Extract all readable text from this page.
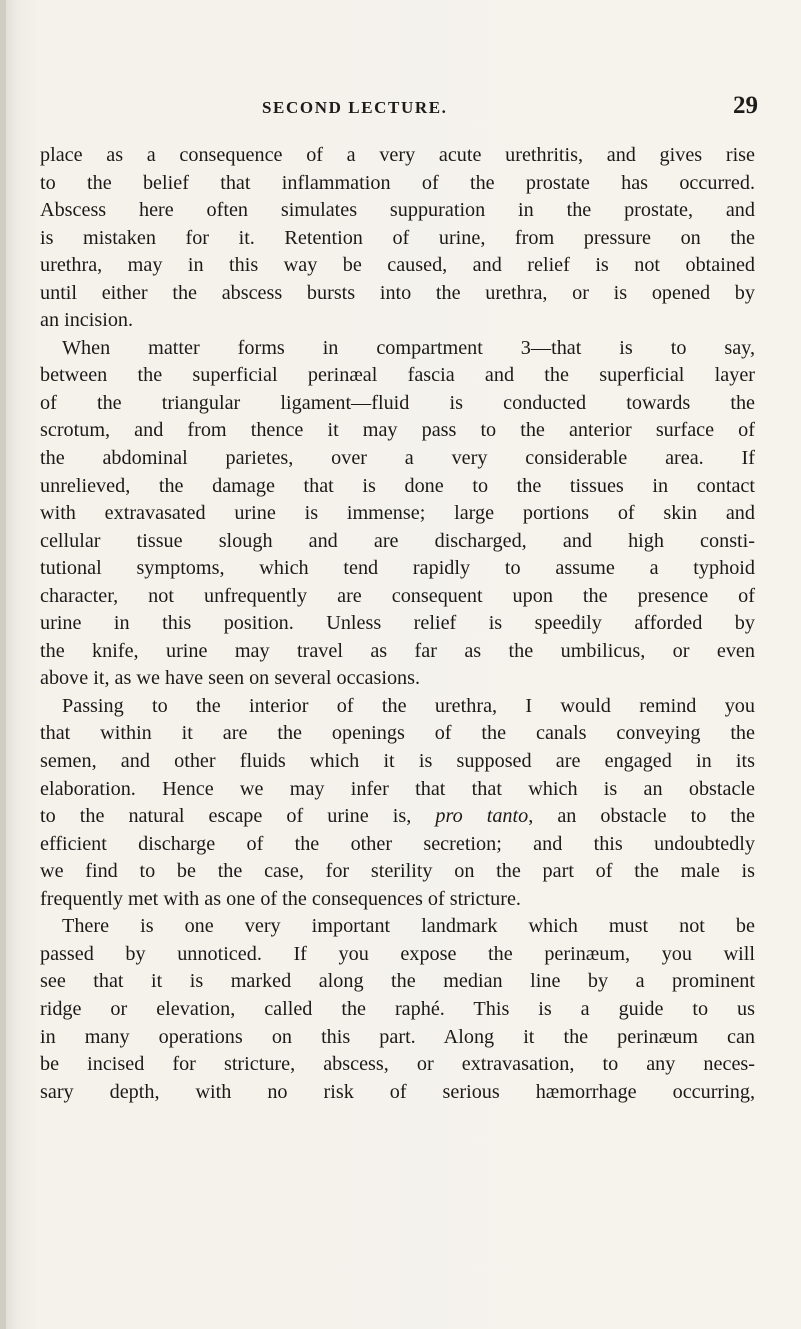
SECOND LECTURE.	29
place as a consequence of a very acute urethritis, and gives rise
to the belief that inflammation of the prostate has occurred.
Abscess here often simulates suppuration in the prostate, and
is mistaken for it. Retention of urine, from pressure on the
urethra, may in this way be caused, and relief is not obtained
until either the abscess bursts into the urethra, or is opened by
an incision.
When matter forms in compartment 3—that is to say,
between the superficial perinæal fascia and the superficial layer
of the triangular ligament—fluid is conducted towards the
scrotum, and from thence it may pass to the anterior surface of
the abdominal parietes, over a very considerable area. If
unrelieved, the damage that is done to the tissues in contact
with extravasated urine is immense; large portions of skin and
cellular tissue slough and are discharged, and high consti-
tutional symptoms, which tend rapidly to assume a typhoid
character, not unfrequently are consequent upon the presence of
urine in this position. Unless relief is speedily afforded by
the knife, urine may travel as far as the umbilicus, or even
above it, as we have seen on several occasions.
Passing to the interior of the urethra, I would remind you
that within it are the openings of the canals conveying the
semen, and other fluids which it is supposed are engaged in its
elaboration. Hence we may infer that that which is an obstacle
to the natural escape of urine is, pro tanto, an obstacle to the
efficient discharge of the other secretion; and this undoubtedly
we find to be the case, for sterility on the part of the male is
frequently met with as one of the consequences of stricture.
There is one very important landmark which must not be
passed by unnoticed. If you expose the perinæum, you will
see that it is marked along the median line by a prominent
ridge or elevation, called the raphé. This is a guide to us
in many operations on this part. Along it the perinæum can
be incised for stricture, abscess, or extravasation, to any neces-
sary depth, with no risk of serious hæmorrhage occurring,
